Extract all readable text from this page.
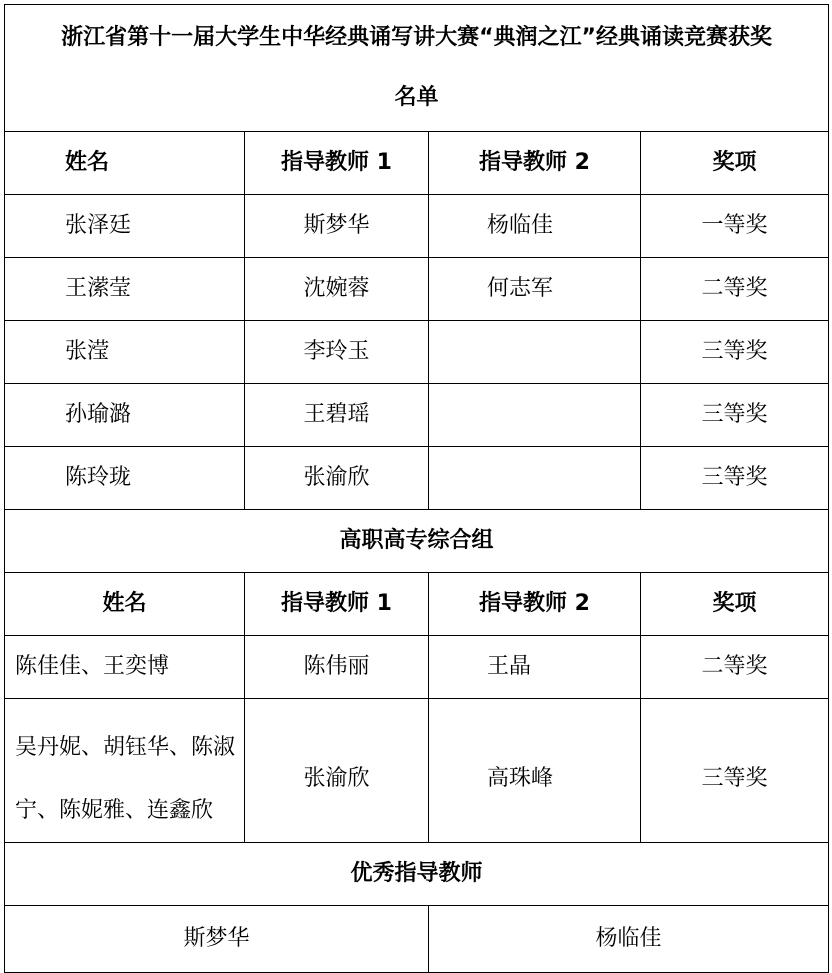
浙江省第十一届大学生中华经典诵写讲大赛“典润之江”经典诵读竞赛获奖
名单			

姓名	指导教师 1	指导教师 2	奖项
张泽廷	斯梦华	杨临佳	一等奖
王潆莹	沈婉蓉	何志军	二等奖
张滢	李玲玉		三等奖
孙瑜潞	王碧瑶		三等奖
陈玲珑	张渝欣		三等奖
高职高专综合组			
姓名	指导教师 1	指导教师 2	奖项
陈佳佳、王奕博	陈伟丽	王晶	二等奖
吴丹妮、胡钰华、陈淑宁、陈妮雅、连鑫欣	张渝欣	高珠峰	三等奖
优秀指导教师			
斯梦华		杨临佳	
